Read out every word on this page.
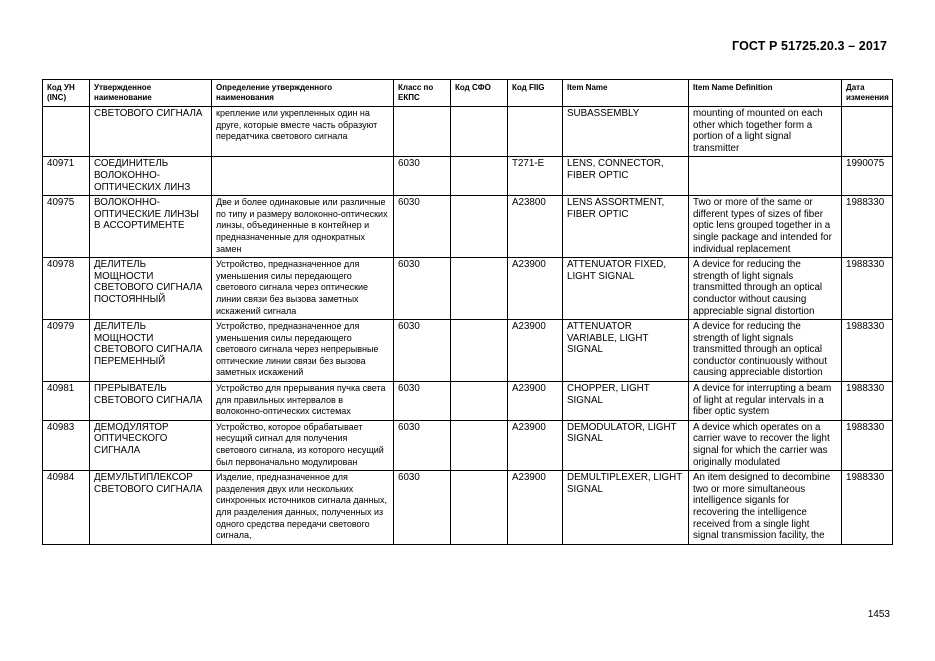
ГОСТ Р 51725.20.3 – 2017
Код УН (INC)	Утвержденное наименование	Определение утвержденного наименования	Класс по ЕКПС	Код СФО	Код FIIG	Item Name	Item Name Definition	Дата изменения
	СВЕТОВОГО СИГНАЛА	крепление или укрепленных один на друге, которые вместе часть образуют передатчика светового сигнала				SUBASSEMBLY	mounting of mounted on each other which together form a portion of a light signal transmitter	
40971	СОЕДИНИТЕЛЬ ВОЛОКОННО-ОПТИЧЕСКИХ ЛИНЗ		6030		T271-E	LENS, CONNECTOR, FIBER OPTIC		1990075
40975	ВОЛОКОННО-ОПТИЧЕСКИЕ ЛИНЗЫ В АССОРТИМЕНТЕ	Две и более одинаковые или различные по типу и размеру волоконно-оптических линзы, объединенные в контейнер и предназначенные для однократных замен	6030		A23800	LENS ASSORTMENT, FIBER OPTIC	Two or more of the same or different types of sizes of fiber optic lens grouped together in a single package and intended for individual replacement	1988330
40978	ДЕЛИТЕЛЬ МОЩНОСТИ СВЕТОВОГО СИГНАЛА ПОСТОЯННЫЙ	Устройство, предназначенное для уменьшения силы передающего светового сигнала через оптические линии связи без вызова заметных искажений сигнала	6030		A23900	ATTENUATOR FIXED, LIGHT SIGNAL	A device for reducing the strength of light signals transmitted through an optical conductor without causing appreciable signal distortion	1988330
40979	ДЕЛИТЕЛЬ МОЩНОСТИ СВЕТОВОГО СИГНАЛА ПЕРЕМЕННЫЙ	Устройство, предназначенное для уменьшения силы передающего светового сигнала через непрерывные оптические линии связи без вызова заметных искажений	6030		A23900	ATTENUATOR VARIABLE, LIGHT SIGNAL	A device for reducing the strength of light signals transmitted through an optical conductor continuously without causing appreciable distortion	1988330
40981	ПРЕРЫВАТЕЛЬ СВЕТОВОГО СИГНАЛА	Устройство для прерывания пучка света для правильных интервалов в волоконно-оптических системах	6030		A23900	CHOPPER, LIGHT SIGNAL	A device for interrupting a beam of light at regular intervals in a fiber optic system	1988330
40983	ДЕМОДУЛЯТОР ОПТИЧЕСКОГО СИГНАЛА	Устройство, которое обрабатывает несущий сигнал для получения светового сигнала, из которого несущий был первоначально модулирован	6030		A23900	DEMODULATOR, LIGHT SIGNAL	A device which operates on a carrier wave to recover the light signal for which the carrier was originally modulated	1988330
40984	ДЕМУЛЬТИПЛЕКСОР СВЕТОВОГО СИГНАЛА	Изделие, предназначенное для разделения двух или нескольких синхронных источников сигнала данных, для разделения данных, полученных из одного средства передачи светового сигнала,	6030		A23900	DEMULTIPLEXER, LIGHT SIGNAL	An item designed to decombine two or more simultaneous intelligence siganls for recovering the intelligence received from a single light signal transmission facility, the	1988330
1453
